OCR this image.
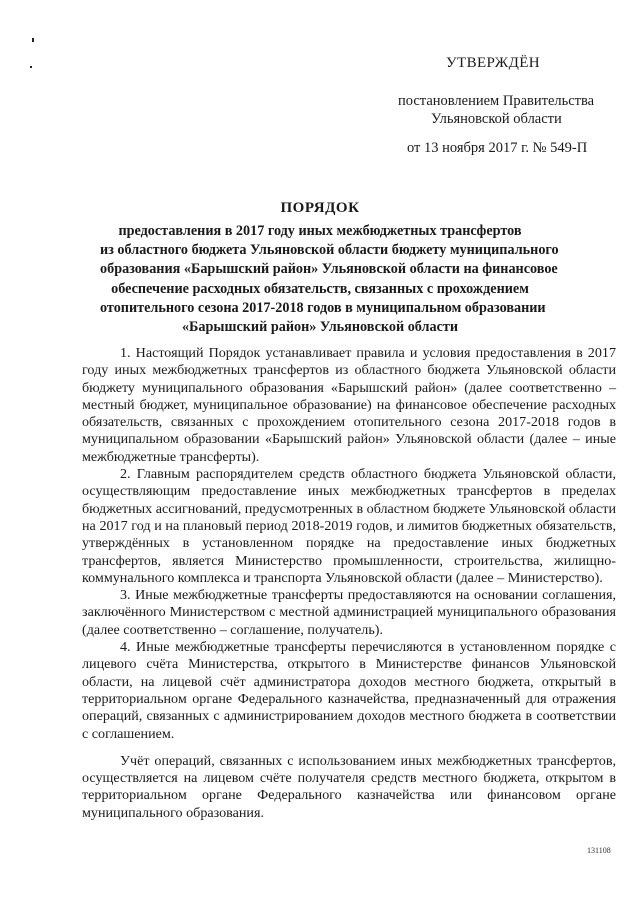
УТВЕРЖДЁН
постановлением Правительства
Ульяновской области
от 13 ноября 2017 г. № 549-П
ПОРЯДОК
предоставления в 2017 году иных межбюджетных трансфертов
из областного бюджета Ульяновской области бюджету муниципального
образования «Барышский район» Ульяновской области на финансовое
обеспечение расходных обязательств, связанных с прохождением
отопительного сезона 2017-2018 годов в муниципальном образовании
«Барышский район» Ульяновской области

1. Настоящий Порядок устанавливает правила и условия предоставления в 2017 году иных межбюджетных трансфертов из областного бюджета Ульяновской области бюджету муниципального образования «Барышский район» (далее соответственно – местный бюджет, муниципальное образование) на финансовое обеспечение расходных обязательств, связанных с прохождением отопительного сезона 2017-2018 годов в муниципальном образовании «Барышский район» Ульяновской области (далее – иные межбюджетные трансферты).

2. Главным распорядителем средств областного бюджета Ульяновской области, осуществляющим предоставление иных межбюджетных трансфертов в пределах бюджетных ассигнований, предусмотренных в областном бюджете Ульяновской области на 2017 год и на плановый период 2018-2019 годов, и лимитов бюджетных обязательств, утверждённых в установленном порядке на предоставление иных бюджетных трансфертов, является Министерство промышленности, строительства, жилищно-коммунального комплекса и транспорта Ульяновской области (далее – Министерство).

3. Иные межбюджетные трансферты предоставляются на основании соглашения, заключённого Министерством с местной администрацией муниципального образования (далее соответственно – соглашение, получатель).

4. Иные межбюджетные трансферты перечисляются в установленном порядке с лицевого счёта Министерства, открытого в Министерстве финансов Ульяновской области, на лицевой счёт администратора доходов местного бюджета, открытый в территориальном органе Федерального казначейства, предназначенный для отражения операций, связанных с администрированием доходов местного бюджета в соответствии с соглашением.

Учёт операций, связанных с использованием иных межбюджетных трансфертов, осуществляется на лицевом счёте получателя средств местного бюджета, открытом в территориальном органе Федерального казначейства или финансовом органе муниципального образования.

131108
